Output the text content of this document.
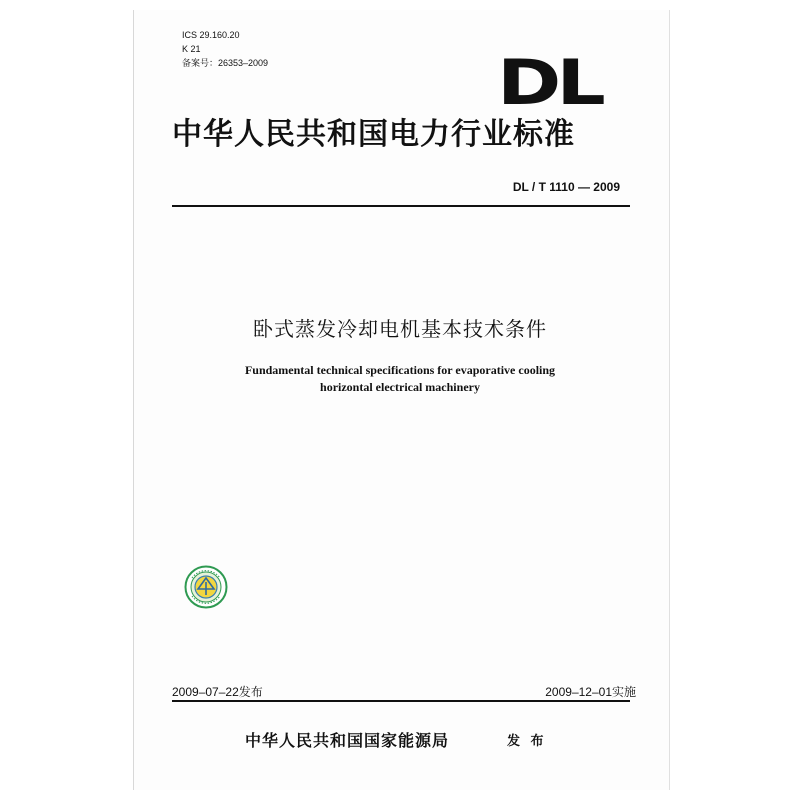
ICS 29.160.20
K 21
备案号：26353–2009	DL
中华人民共和国电力行业标准
DL / T 1110 — 2009
卧式蒸发冷却电机基本技术条件
Fundamental technical specifications for evaporative cooling
horizontal electrical machinery
2009–07–22发布	2009–12–01实施
中华人民共和国国家能源局	发 布
